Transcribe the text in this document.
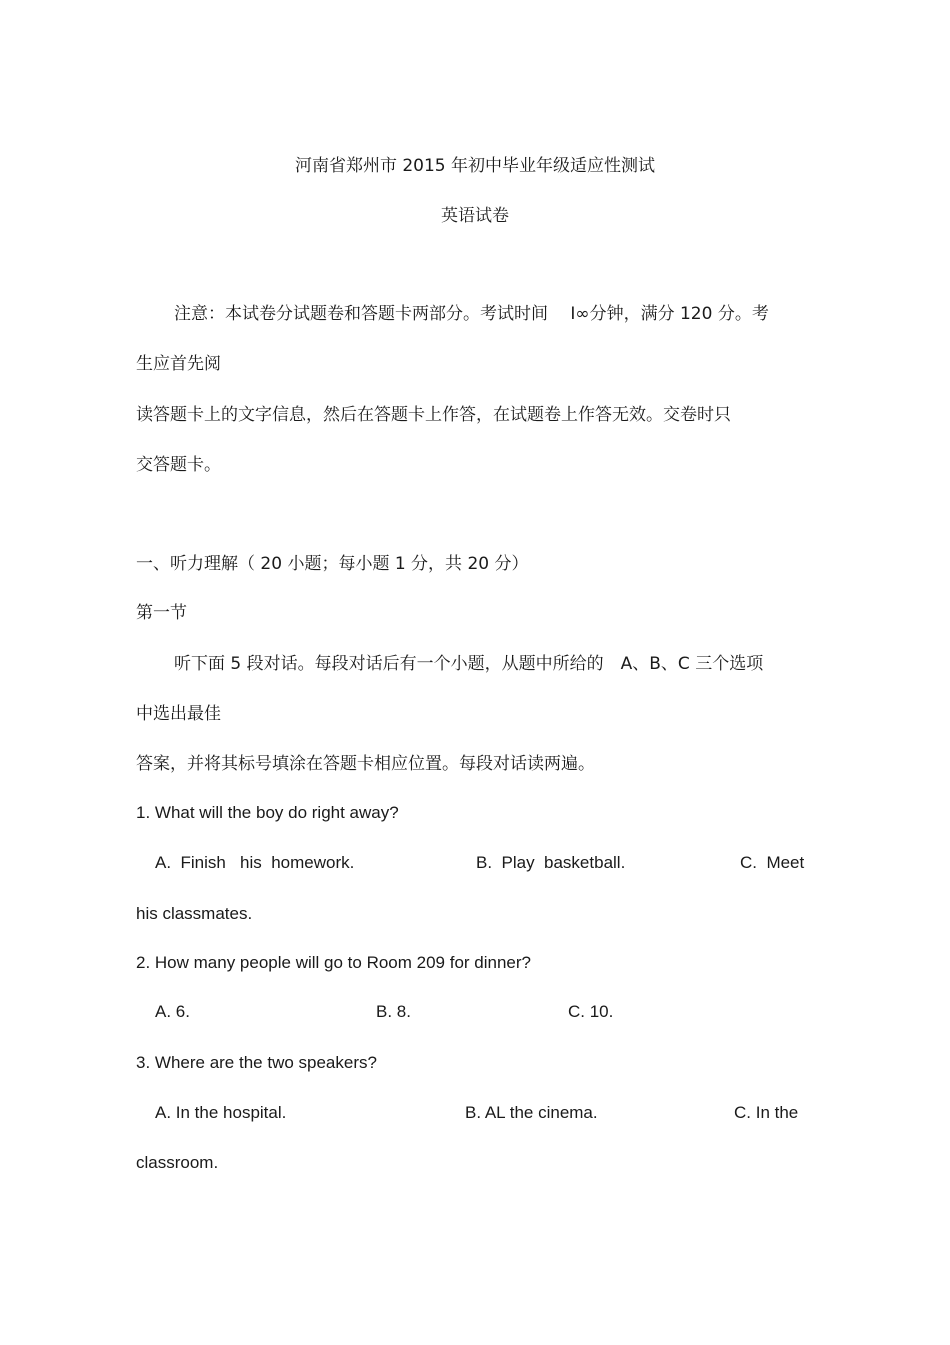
河南省郑州市 2015 年初中毕业年级适应性测试
英语试卷
注意：本试卷分试题卷和答题卡两部分。考试时间　 I∞分钟，满分 120 分。考
生应首先阅
读答题卡上的文字信息，然后在答题卡上作答，在试题卷上作答无效。交卷时只
交答题卡。
一、听力理解（ 20 小题；每小题 1 分，共 20 分）
第一节
听下面 5 段对话。每段对话后有一个小题，从题中所给的　A、B、C 三个选项
中选出最佳
答案，并将其标号填涂在答题卡相应位置。每段对话读两遍。
1. What will the boy do right away?
A.  Finish   his  homework.	B.  Play  basketball.	C.  Meet
his classmates.
2. How many people will go to Room 209 for dinner?
A. 6.	B. 8.	C. 10.
3. Where are the two speakers?
A. In the hospital.	B. AL the cinema.	C. In the
classroom.
